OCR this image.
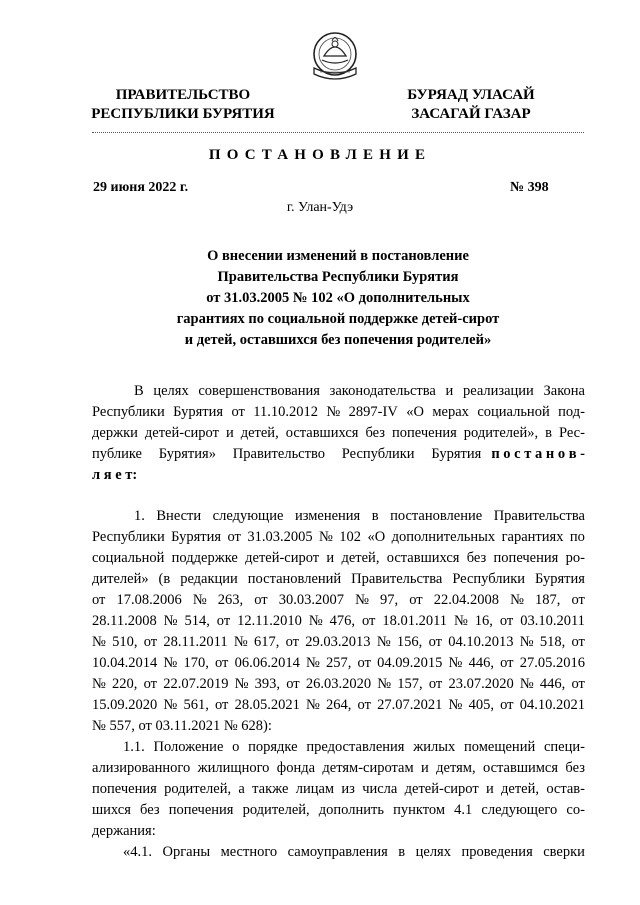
ПРАВИТЕЛЬСТВО
РЕСПУБЛИКИ БУРЯТИЯ
БУРЯАД УЛАСАЙ
ЗАСАГАЙ ГАЗАР
ПОСТАНОВЛЕНИЕ
29 июня 2022 г.	№ 398
г. Улан-Удэ
О внесении изменений в постановление
Правительства Республики Бурятия
от 31.03.2005 № 102 «О дополнительных
гарантиях по социальной поддержке детей-сирот
и детей, оставшихся без попечения родителей»
В целях совершенствования законодательства и реализации Закона
Республики Бурятия от 11.10.2012 № 2897-IV «О мерах социальной под-
держки детей-сирот и детей, оставшихся без попечения родителей», в Рес-
публике Бурятия» Правительство Республики Бурятия п о с т а н о в -
л я е т:
1. Внести следующие изменения в постановление Правительства
Республики Бурятия от 31.03.2005 № 102 «О дополнительных гарантиях по
социальной поддержке детей-сирот и детей, оставшихся без попечения ро-
дителей» (в редакции постановлений Правительства Республики Бурятия
от 17.08.2006 № 263, от 30.03.2007 № 97, от 22.04.2008 № 187, от
28.11.2008 № 514, от 12.11.2010 № 476, от 18.01.2011 № 16, от 03.10.2011
№ 510, от 28.11.2011 № 617, от 29.03.2013 № 156, от 04.10.2013 № 518, от
10.04.2014 № 170, от 06.06.2014 № 257, от 04.09.2015 № 446, от 27.05.2016
№ 220, от 22.07.2019 № 393, от 26.03.2020 № 157, от 23.07.2020 № 446, от
15.09.2020 № 561, от 28.05.2021 № 264, от 27.07.2021 № 405, от 04.10.2021
№ 557, от 03.11.2021 № 628):
1.1. Положение о порядке предоставления жилых помещений специ-
ализированного жилищного фонда детям-сиротам и детям, оставшимся без
попечения родителей, а также лицам из числа детей-сирот и детей, остав-
шихся без попечения родителей, дополнить пунктом 4.1 следующего со-
держания:
«4.1. Органы местного самоуправления в целях проведения сверки
